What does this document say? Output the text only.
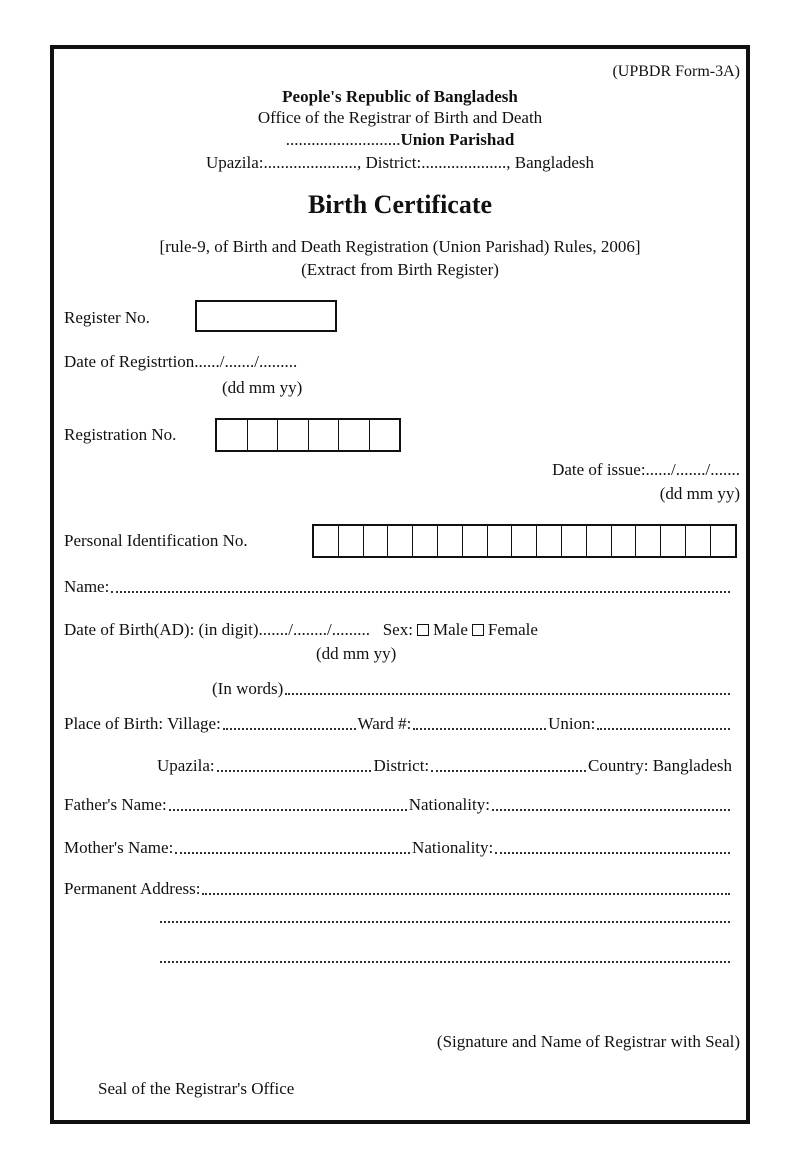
(UPBDR Form-3A)
People's Republic of Bangladesh
Office of the Registrar of Birth and Death
...........................Union Parishad
Upazila:......................, District:...................., Bangladesh
Birth Certificate
[rule-9, of Birth and Death Registration (Union Parishad) Rules, 2006]
(Extract from Birth Register)
Register No.
Date of Registrtion....../......./.........
(dd mm yy)
Registration No.
Date of issue:....../......./.......
(dd mm yy)
Personal Identification No.
Name:
Date of Birth(AD): (in digit)......./......../......... Sex: Male Female
(dd mm yy)
(In words)
Place of Birth: Village:	Ward #:	Union:
Upazila:	District:	Country: Bangladesh
Father's Name:	Nationality:
Mother's Name:	Nationality:
Permanent Address:
(Signature and Name of Registrar with Seal)
Seal of the Registrar's Office
